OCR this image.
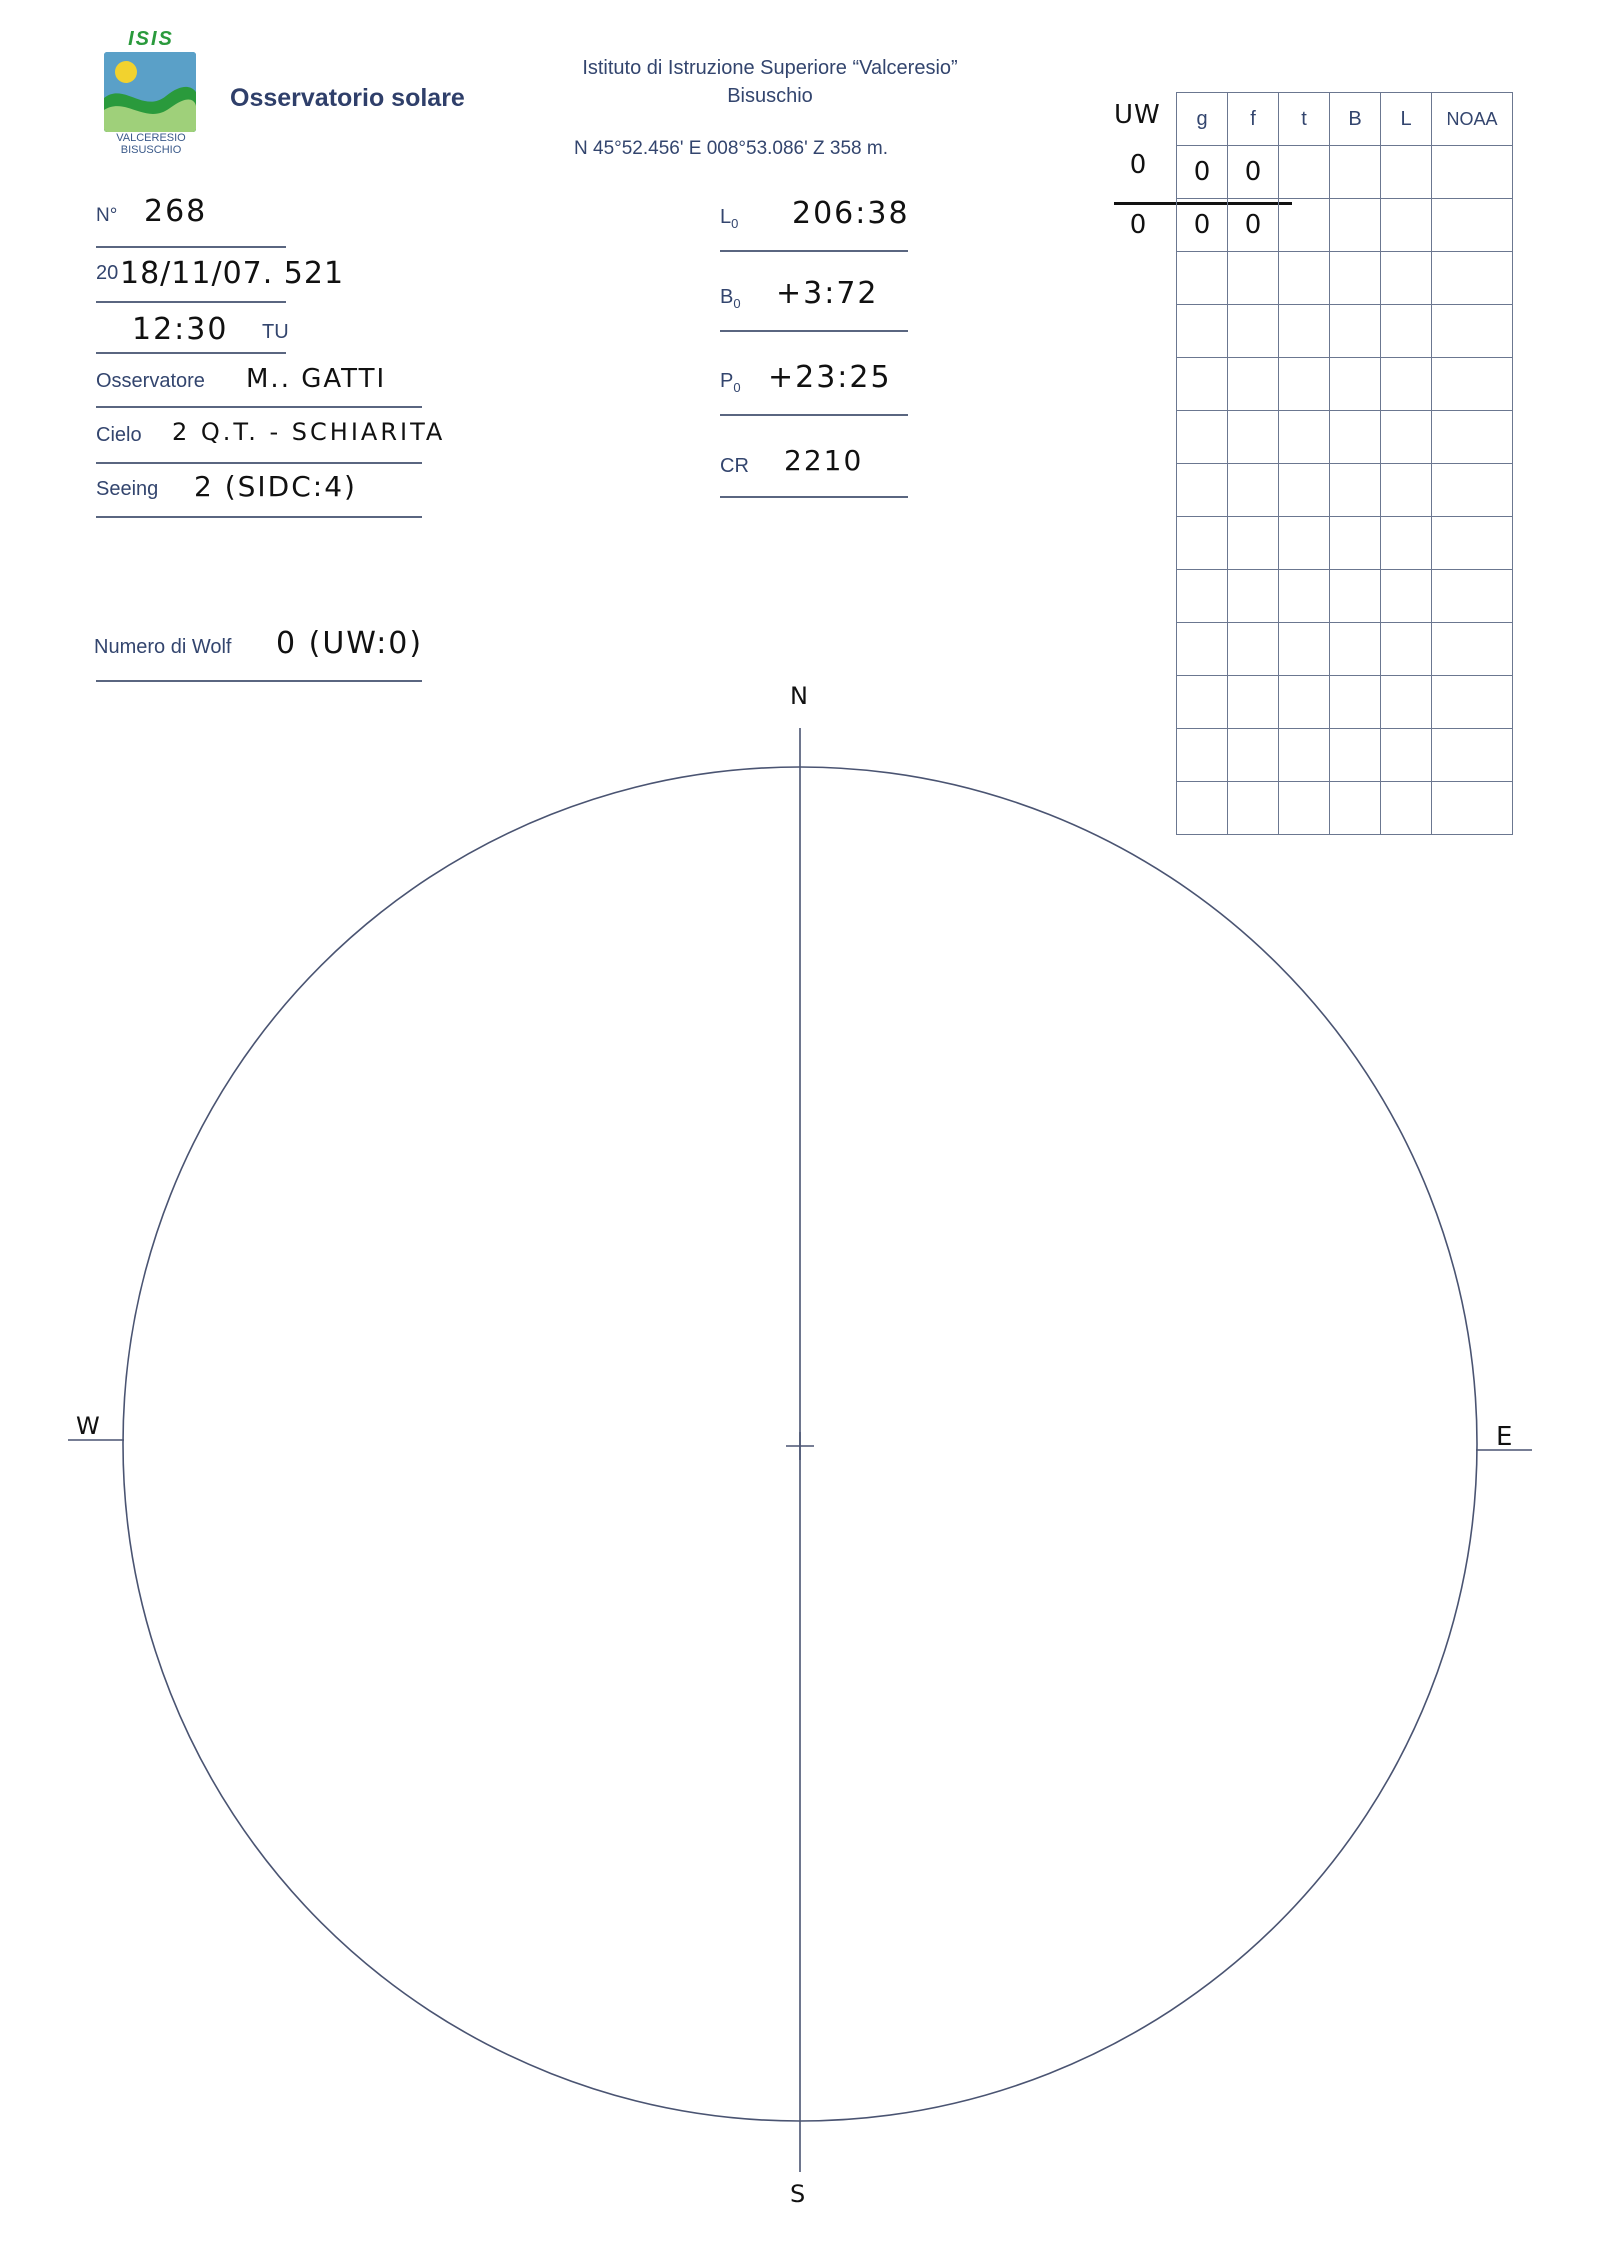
ISIS
VALCERESIO
BISUSCHIO
Osservatorio solare
Istituto di Istruzione Superiore “Valceresio”
Bisuschio
N 45°52.456' E 008°53.086' Z 358 m.
N° 268
20 18/11/07. 521
12:30 TU
Osservatore M.. GATTI
Cielo 2 Q.T. - SCHIARITA
Seeing 2 (SIDC:4)
Numero di Wolf 0 (UW:0)
$L_0$ 206:38
$B_0$ +3:72
$P_0$ +23:25
CR 2210
UW
0
0
g	f	t	B	L	NOAA
0	0				
0	0				

N
S
W	E
